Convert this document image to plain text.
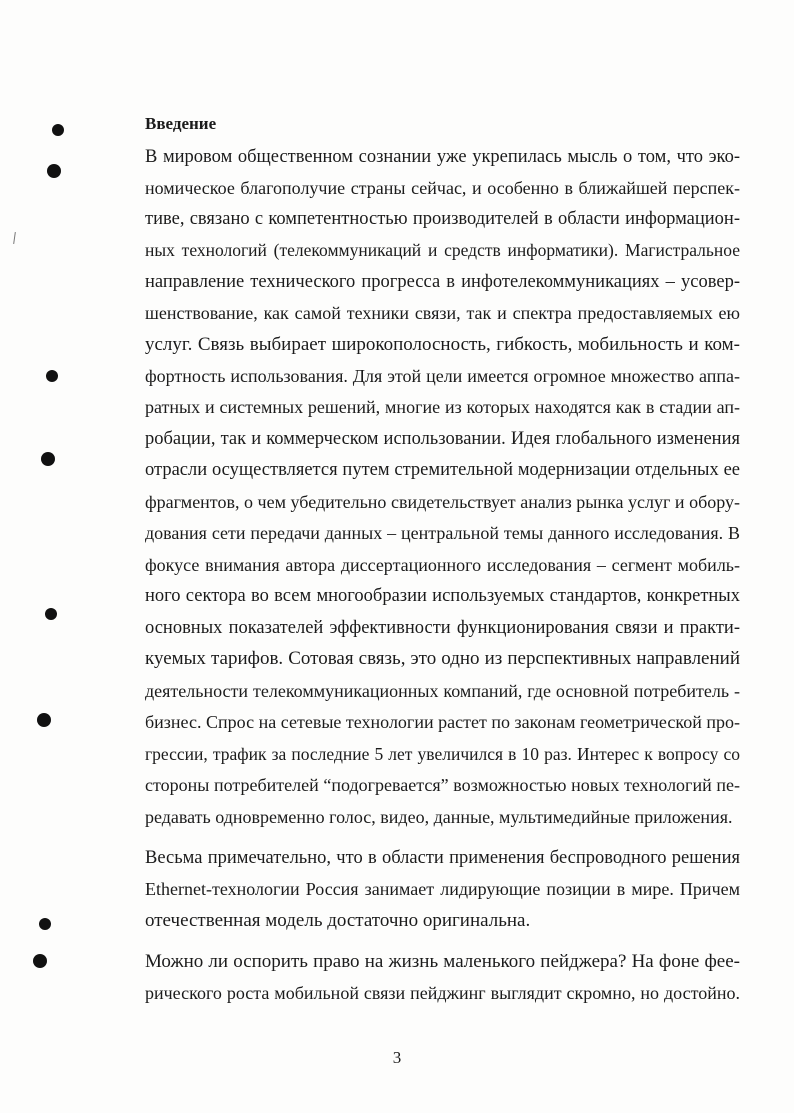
Введение
В мировом общественном сознании уже укрепилась мысль о том, что эко-
номическое благополучие страны сейчас, и особенно в ближайшей перспек-
тиве, связано с компетентностью производителей в области информацион-
ных технологий (телекоммуникаций и средств информатики). Магистральное
направление технического прогресса в инфотелекоммуникациях – усовер-
шенствование, как самой техники связи, так и спектра предоставляемых ею
услуг. Связь выбирает широкополосность, гибкость, мобильность и ком-
фортность использования. Для этой цели имеется огромное множество аппа-
ратных и системных решений, многие из которых находятся как в стадии ап-
робации, так и коммерческом использовании. Идея глобального изменения
отрасли осуществляется путем стремительной модернизации отдельных ее
фрагментов, о чем убедительно свидетельствует анализ рынка услуг и обору-
дования сети передачи данных – центральной темы данного исследования. В
фокусе внимания автора диссертационного исследования – сегмент мобиль-
ного сектора во всем многообразии используемых стандартов, конкретных
основных показателей эффективности функционирования связи и практи-
куемых тарифов. Сотовая связь, это одно из перспективных направлений
деятельности телекоммуникационных компаний, где основной потребитель -
бизнес. Спрос на сетевые технологии растет по законам геометрической про-
грессии, трафик за последние 5 лет увеличился в 10 раз. Интерес к вопросу со
стороны потребителей “подогревается” возможностью новых технологий пе-
редавать одновременно голос, видео, данные, мультимедийные приложения.
Весьма примечательно, что в области применения беспроводного решения
Ethernet-технологии Россия занимает лидирующие позиции в мире. Причем
отечественная модель достаточно оригинальна.
Можно ли оспорить право на жизнь маленького пейджера? На фоне фее-
рического роста мобильной связи пейджинг выглядит скромно, но достойно.
3
